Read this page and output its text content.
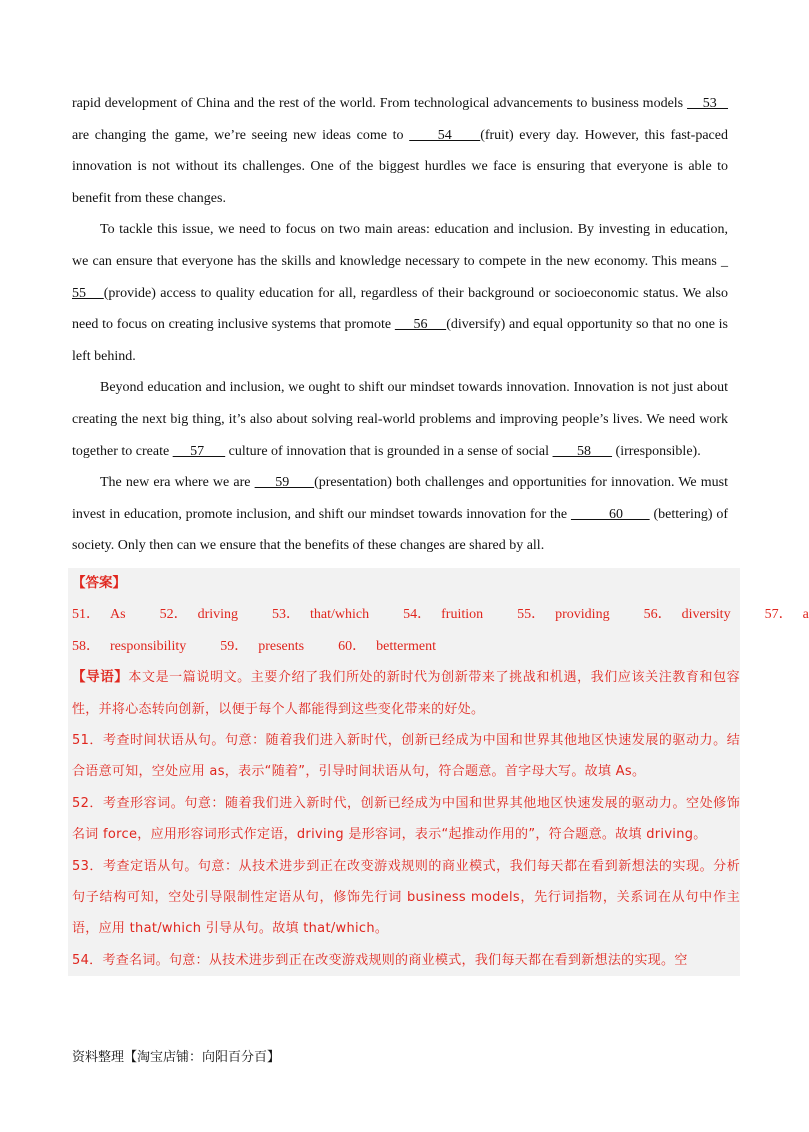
rapid development of China and the rest of the world. From technological advancements to business models     53    are changing the game, we’re seeing new ideas come to      54     (fruit) every day. However, this fast-paced innovation is not without its challenges. One of the biggest hurdles we face is ensuring that everyone is able to benefit from these changes.

To tackle this issue, we need to focus on two main areas: education and inclusion. By investing in education, we can ensure that everyone has the skills and knowledge necessary to compete in the new economy. This means _ 55    (provide) access to quality education for all, regardless of their background or socioeconomic status. We also need to focus on creating inclusive systems that promote      56     (diversify) and equal opportunity so that no one is left behind.

Beyond education and inclusion, we ought to shift our mindset towards innovation. Innovation is not just about creating the next big thing, it’s also about solving real-world problems and improving people’s lives. We need work together to create      57       culture of innovation that is grounded in a sense of social        58       (irresponsible).

The new era where we are      59      (presentation) both challenges and opportunities for innovation. We must invest in education, promote inclusion, and shift our mindset towards innovation for the           60        (bettering) of society. Only then can we ensure that the benefits of these changes are shared by all.

【答案】

51． As 52． driving 53． that/which 54． fruition 55． providing 56． diversity 57． a
58． responsibility 59． presents 60． betterment

【导语】本文是一篇说明文。主要介绍了我们所处的新时代为创新带来了挑战和机遇，我们应该关注教育和包容性，并将心态转向创新，以便于每个人都能得到这些变化带来的好处。

51．考查时间状语从句。句意：随着我们进入新时代，创新已经成为中国和世界其他地区快速发展的驱动力。结合语意可知，空处应用 as，表示“随着”，引导时间状语从句，符合题意。首字母大写。故填 As。

52．考查形容词。句意：随着我们进入新时代，创新已经成为中国和世界其他地区快速发展的驱动力。空处修饰名词 force，应用形容词形式作定语，driving 是形容词，表示“起推动作用的”，符合题意。故填 driving。

53．考查定语从句。句意：从技术进步到正在改变游戏规则的商业模式，我们每天都在看到新想法的实现。分析句子结构可知，空处引导限制性定语从句，修饰先行词 business models，先行词指物，关系词在从句中作主语，应用 that/which 引导从句。故填 that/which。

54．考查名词。句意：从技术进步到正在改变游戏规则的商业模式，我们每天都在看到新想法的实现。空

资料整理【淘宝店铺：向阳百分百】
